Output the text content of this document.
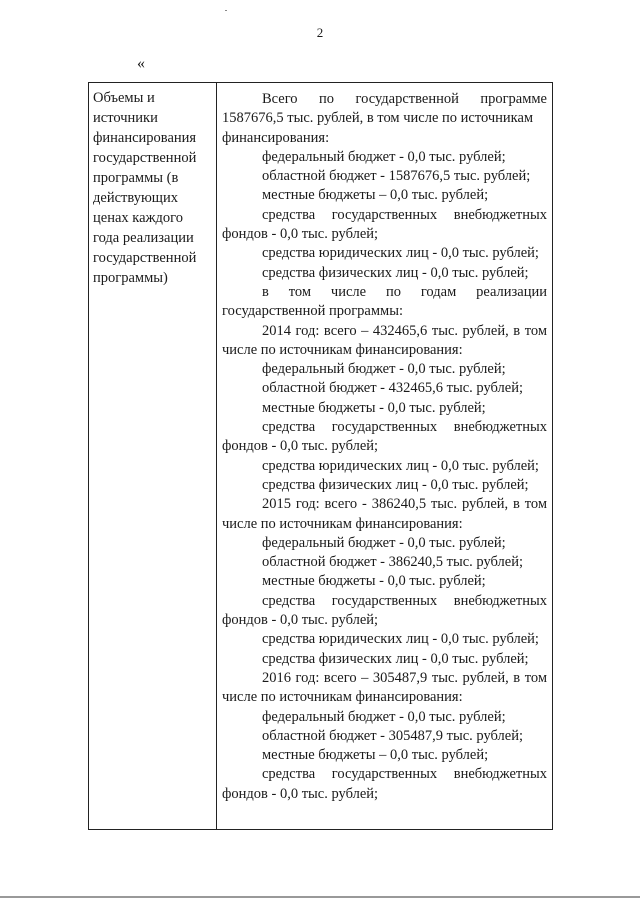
2
«
Объемы и
источники
финансирования
государственной
программы (в
действующих
ценах каждого
года реализации
государственной
программы)
Всего по государственной программе
1587676,5 тыс. рублей, в том числе по источникам
финансирования:
федеральный бюджет - 0,0 тыс. рублей;
областной бюджет - 1587676,5 тыс. рублей;
местные бюджеты – 0,0 тыс. рублей;
средства государственных внебюджетных
фондов - 0,0 тыс. рублей;
средства юридических лиц - 0,0 тыс. рублей;
средства физических лиц - 0,0 тыс. рублей;
в том числе по годам реализации
государственной программы:
2014 год: всего – 432465,6 тыс. рублей, в том
числе по источникам финансирования:
федеральный бюджет - 0,0 тыс. рублей;
областной бюджет - 432465,6 тыс. рублей;
местные бюджеты - 0,0 тыс. рублей;
средства государственных внебюджетных
фондов - 0,0 тыс. рублей;
средства юридических лиц - 0,0 тыс. рублей;
средства физических лиц - 0,0 тыс. рублей;
2015 год: всего - 386240,5 тыс. рублей, в том
числе по источникам финансирования:
федеральный бюджет - 0,0 тыс. рублей;
областной бюджет - 386240,5 тыс. рублей;
местные бюджеты - 0,0 тыс. рублей;
средства государственных внебюджетных
фондов - 0,0 тыс. рублей;
средства юридических лиц - 0,0 тыс. рублей;
средства физических лиц - 0,0 тыс. рублей;
2016 год: всего – 305487,9 тыс. рублей, в том
числе по источникам финансирования:
федеральный бюджет - 0,0 тыс. рублей;
областной бюджет - 305487,9 тыс. рублей;
местные бюджеты – 0,0 тыс. рублей;
средства государственных внебюджетных
фондов - 0,0 тыс. рублей;
